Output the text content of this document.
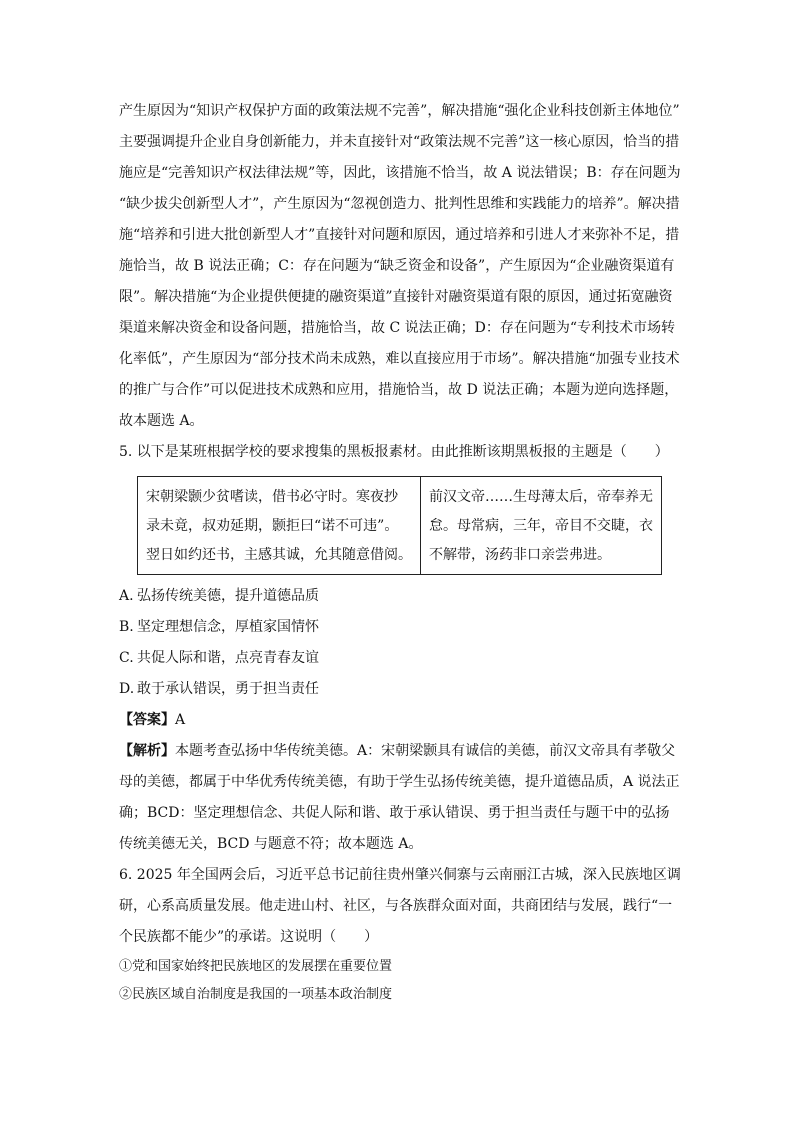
产生原因为“知识产权保护方面的政策法规不完善”，解决措施“强化企业科技创新主体地位”
主要强调提升企业自身创新能力，并未直接针对“政策法规不完善”这一核心原因，恰当的措
施应是“完善知识产权法律法规”等，因此，该措施不恰当，故 A 说法错误；B：存在问题为
“缺少拔尖创新型人才”，产生原因为“忽视创造力、批判性思维和实践能力的培养”。解决措
施“培养和引进大批创新型人才”直接针对问题和原因，通过培养和引进人才来弥补不足，措
施恰当，故 B 说法正确；C：存在问题为“缺乏资金和设备”，产生原因为“企业融资渠道有
限”。解决措施“为企业提供便捷的融资渠道”直接针对融资渠道有限的原因，通过拓宽融资
渠道来解决资金和设备问题，措施恰当，故 C 说法正确；D：存在问题为“专利技术市场转
化率低”，产生原因为“部分技术尚未成熟，难以直接应用于市场”。解决措施“加强专业技术
的推广与合作”可以促进技术成熟和应用，措施恰当，故 D 说法正确；本题为逆向选择题，
故本题选 A。

5. 以下是某班根据学校的要求搜集的黑板报素材。由此推断该期黑板报的主题是（　　）

宋朝梁颢少贫嗜读，借书必守时。寒夜抄
录未竟，叔劝延期，颢拒曰“诺不可违”。
翌日如约还书，主感其诚，允其随意借阅。

前汉文帝……生母薄太后，帝奉养无
怠。母常病，三年，帝目不交睫，衣
不解带，汤药非口亲尝弗进。

A. 弘扬传统美德，提升道德品质

B. 坚定理想信念，厚植家国情怀

C. 共促人际和谐，点亮青春友谊

D. 敢于承认错误，勇于担当责任

【答案】A

【解析】本题考查弘扬中华传统美德。A：宋朝梁颢具有诚信的美德，前汉文帝具有孝敬父
母的美德，都属于中华优秀传统美德，有助于学生弘扬传统美德，提升道德品质，A 说法正
确；BCD：坚定理想信念、共促人际和谐、敢于承认错误、勇于担当责任与题干中的弘扬
传统美德无关，BCD 与题意不符；故本题选 A。

6. 2025 年全国两会后，习近平总书记前往贵州肇兴侗寨与云南丽江古城，深入民族地区调
研，心系高质量发展。他走进山村、社区，与各族群众面对面，共商团结与发展，践行“一
个民族都不能少”的承诺。这说明（　　）

①党和国家始终把民族地区的发展摆在重要位置

②民族区域自治制度是我国的一项基本政治制度
